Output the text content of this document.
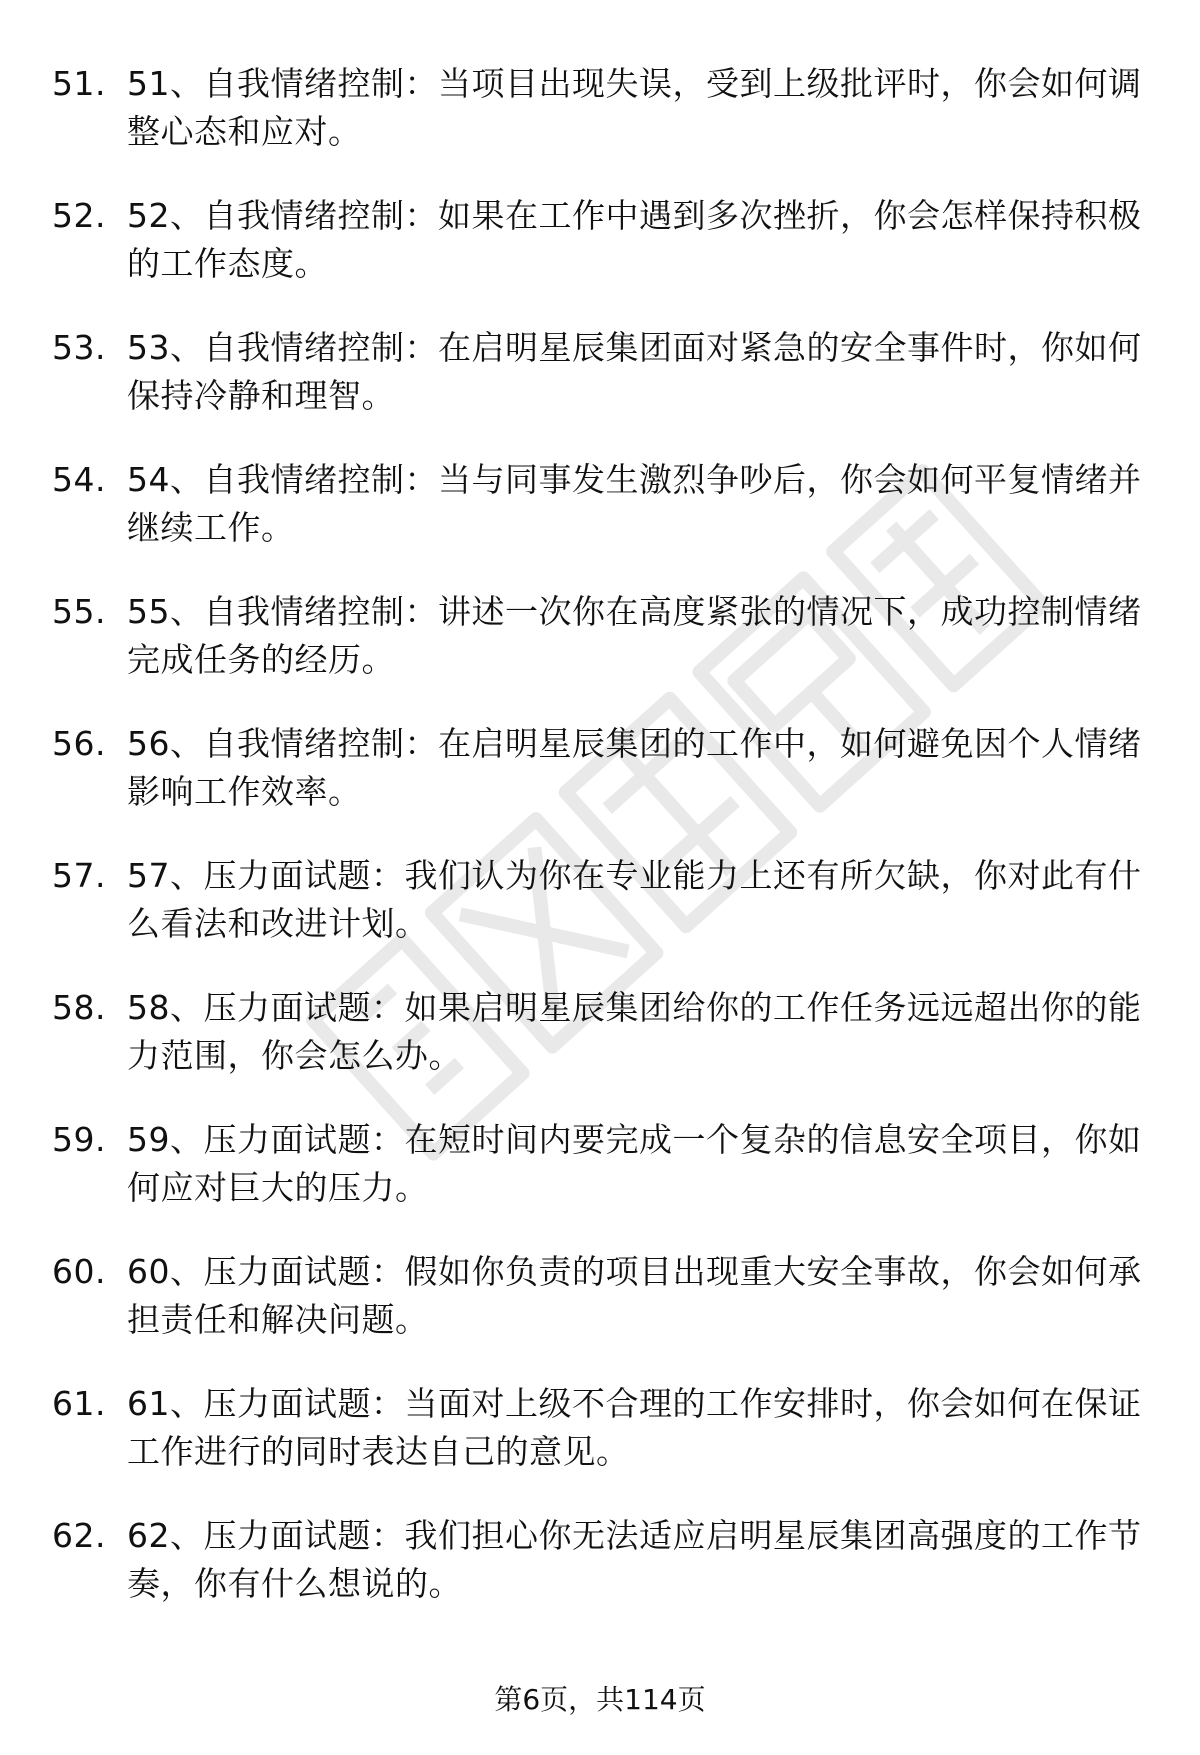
51. 51、自我情绪控制：当项目出现失误，受到上级批评时，你会如何调整心态和应对。
52. 52、自我情绪控制：如果在工作中遇到多次挫折，你会怎样保持积极的工作态度。
53. 53、自我情绪控制：在启明星辰集团面对紧急的安全事件时，你如何保持冷静和理智。
54. 54、自我情绪控制：当与同事发生激烈争吵后，你会如何平复情绪并继续工作。
55. 55、自我情绪控制：讲述一次你在高度紧张的情况下，成功控制情绪完成任务的经历。
56. 56、自我情绪控制：在启明星辰集团的工作中，如何避免因个人情绪影响工作效率。
57. 57、压力面试题：我们认为你在专业能力上还有所欠缺，你对此有什么看法和改进计划。
58. 58、压力面试题：如果启明星辰集团给你的工作任务远远超出你的能力范围，你会怎么办。
59. 59、压力面试题：在短时间内要完成一个复杂的信息安全项目，你如何应对巨大的压力。
60. 60、压力面试题：假如你负责的项目出现重大安全事故，你会如何承担责任和解决问题。
61. 61、压力面试题：当面对上级不合理的工作安排时，你会如何在保证工作进行的同时表达自己的意见。
62. 62、压力面试题：我们担心你无法适应启明星辰集团高强度的工作节奏，你有什么想说的。
第6页，共114页
